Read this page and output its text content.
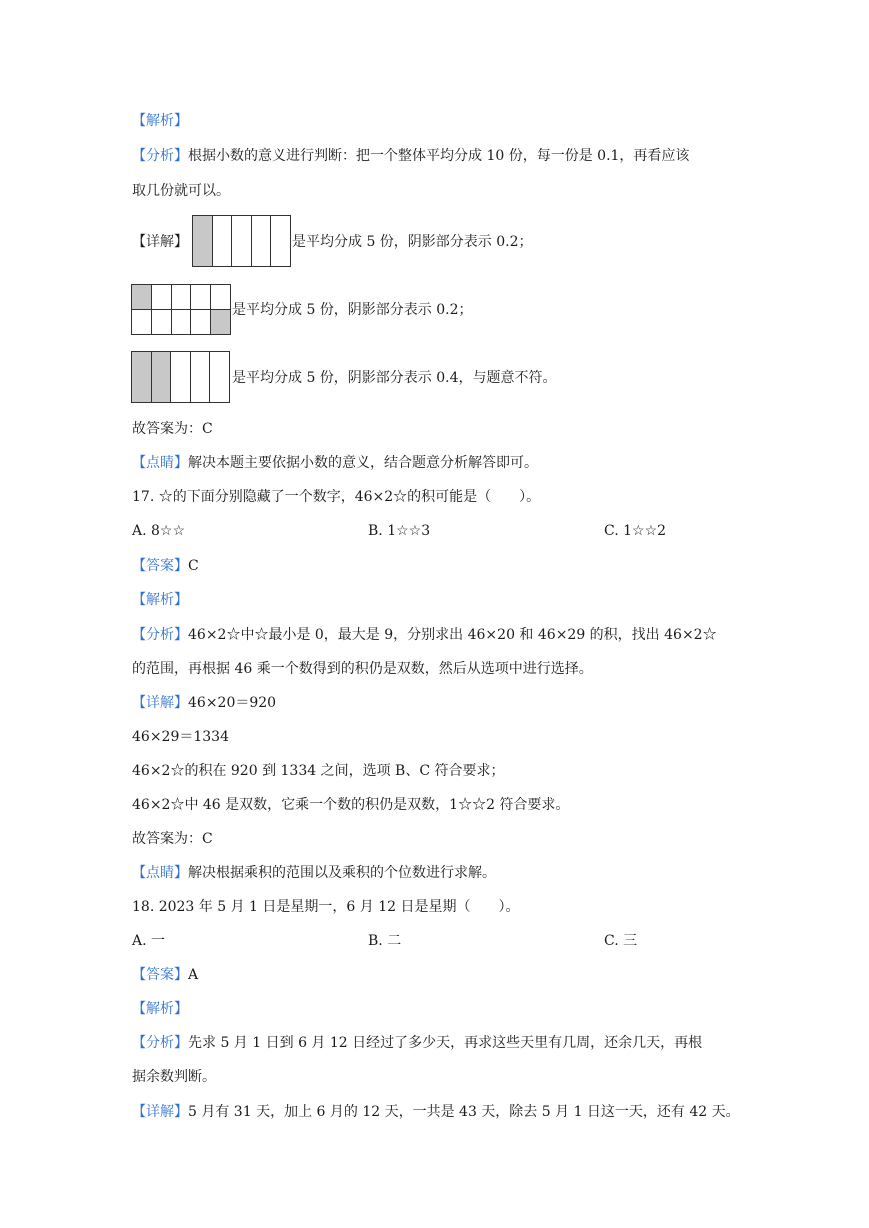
【解析】
【分析】根据小数的意义进行判断：把一个整体平均分成 10 份，每一份是 0.1，再看应该
取几份就可以。
【详解】
					是平均分成 5 份，阴影部分表示 0.2；

是平均分成 5 份，阴影部分表示 0.2；

是平均分成 5 份，阴影部分表示 0.4，与题意不符。
故答案为：C
【点睛】解决本题主要依据小数的意义，结合题意分析解答即可。
17. ☆的下面分别隐藏了一个数字，46×2☆的积可能是（　　）。
A. 8☆☆	B. 1☆☆3	C. 1☆☆2
【答案】C
【解析】
【分析】46×2☆中☆最小是 0，最大是 9，分别求出 46×20 和 46×29 的积，找出 46×2☆
的范围，再根据 46 乘一个数得到的积仍是双数，然后从选项中进行选择。
【详解】46×20＝920
46×29＝1334
46×2☆的积在 920 到 1334 之间，选项 B、C 符合要求；
46×2☆中 46 是双数，它乘一个数的积仍是双数，1☆☆2 符合要求。
故答案为：C
【点睛】解决根据乘积的范围以及乘积的个位数进行求解。
18. 2023 年 5 月 1 日是星期一，6 月 12 日是星期（　　）。
A. 一	B. 二	C. 三
【答案】A
【解析】
【分析】先求 5 月 1 日到 6 月 12 日经过了多少天，再求这些天里有几周，还余几天，再根
据余数判断。
【详解】5 月有 31 天，加上 6 月的 12 天，一共是 43 天，除去 5 月 1 日这一天，还有 42 天。
